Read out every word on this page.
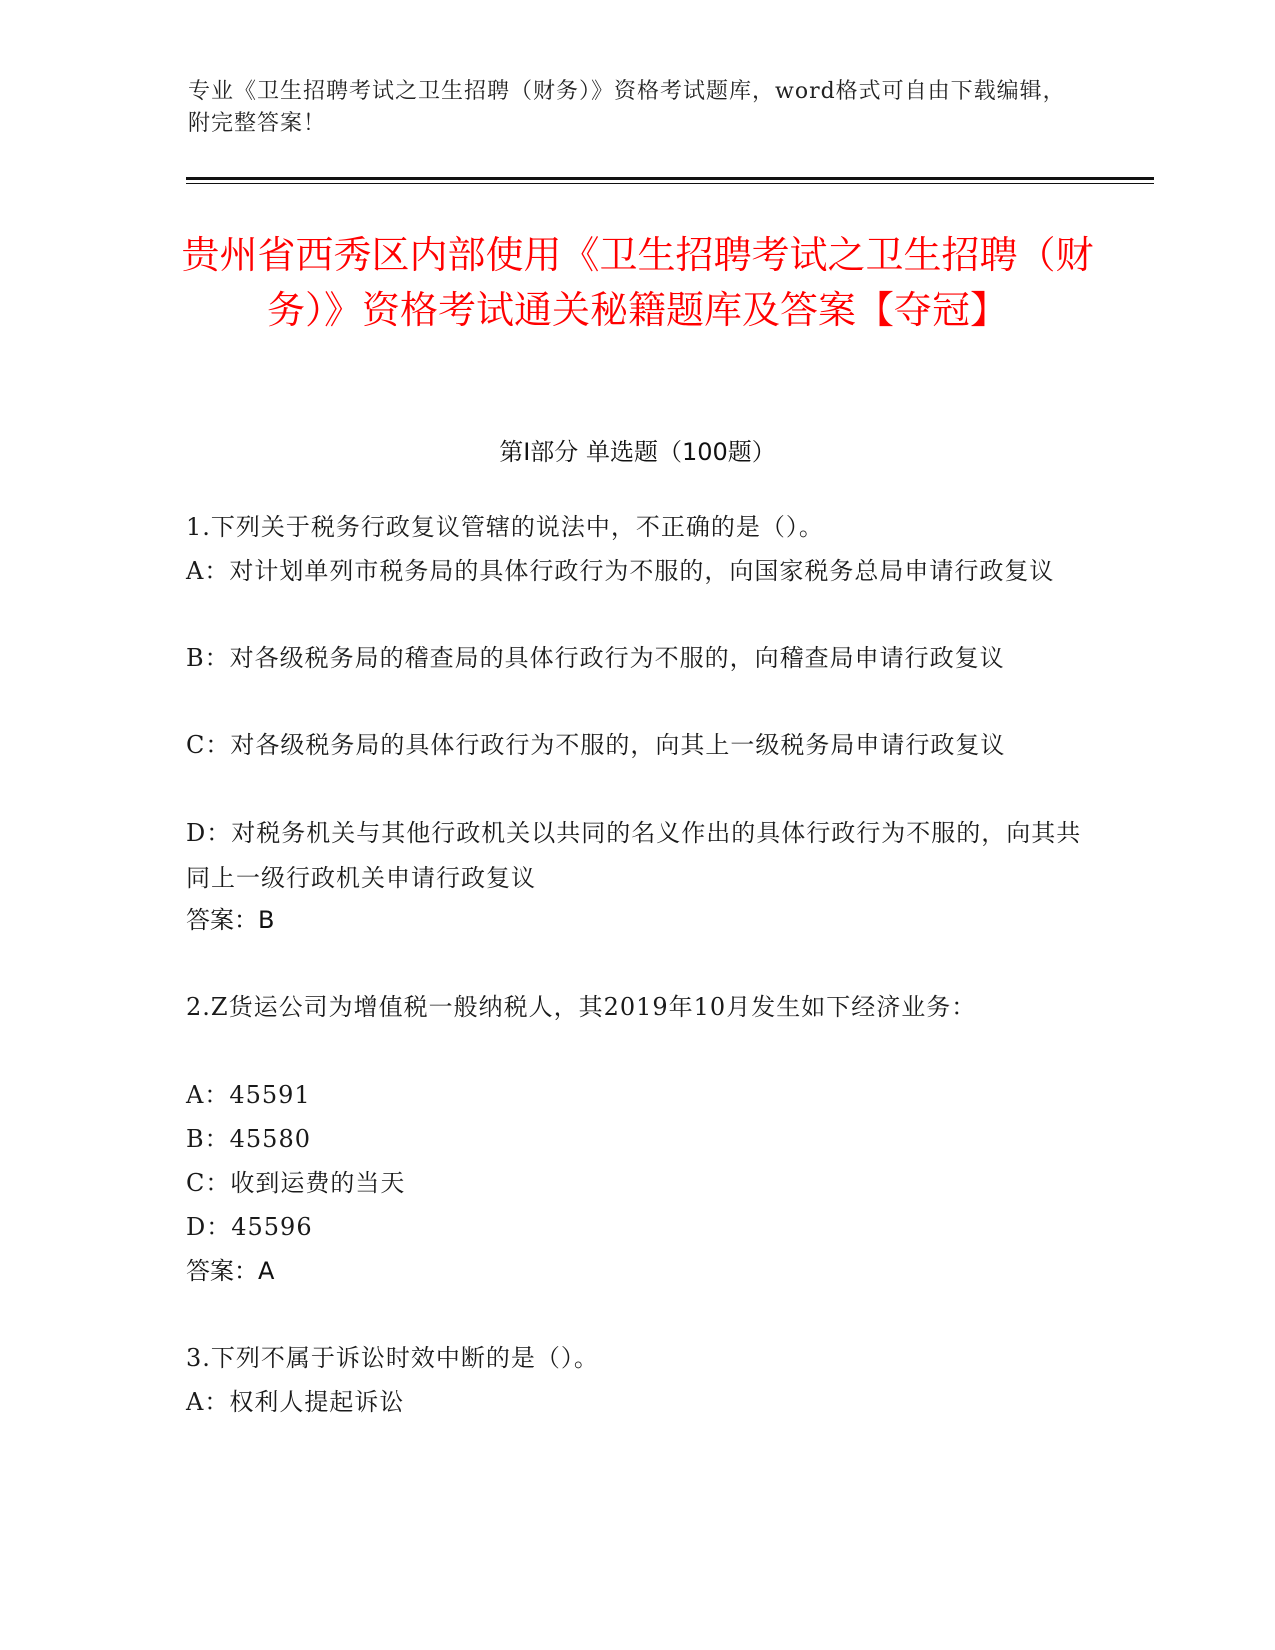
专业《卫生招聘考试之卫生招聘（财务）》资格考试题库，word格式可自由下载编辑，附完整答案！
贵州省西秀区内部使用《卫生招聘考试之卫生招聘（财务）》资格考试通关秘籍题库及答案【夺冠】
第Ⅰ部分 单选题（100题）
1.下列关于税务行政复议管辖的说法中，不正确的是（）。
A：对计划单列市税务局的具体行政行为不服的，向国家税务总局申请行政复议
B：对各级税务局的稽查局的具体行政行为不服的，向稽查局申请行政复议
C：对各级税务局的具体行政行为不服的，向其上一级税务局申请行政复议
D：对税务机关与其他行政机关以共同的名义作出的具体行政行为不服的，向其共同上一级行政机关申请行政复议
答案：B
2.Z货运公司为增值税一般纳税人，其2019年10月发生如下经济业务：
A：45591
B：45580
C：收到运费的当天
D：45596
答案：A
3.下列不属于诉讼时效中断的是（）。
A：权利人提起诉讼
